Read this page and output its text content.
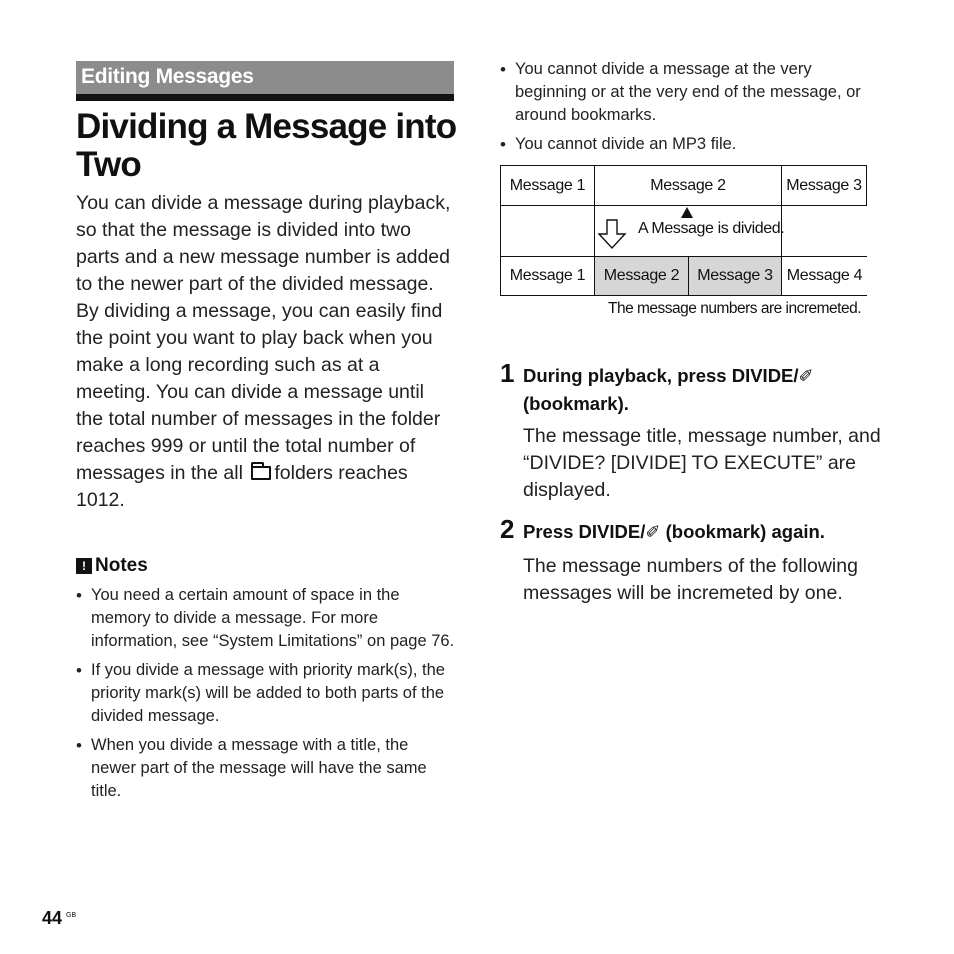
Editing Messages
Dividing a Message into Two
You can divide a message during playback, so that the message is divided into two parts and a new message number is added to the newer part of the divided message. By dividing a message, you can easily find the point you want to play back when you make a long recording such as at a meeting. You can divide a message until the total number of messages in the folder reaches 999 or until the total number of messages in the all folders reaches 1012.
! Notes
• You need a certain amount of space in the memory to divide a message. For more information, see “System Limitations” on page 76.
• If you divide a message with priority mark(s), the priority mark(s) will be added to both parts of the divided message.
• When you divide a message with a title, the newer part of the message will have the same title.
• You cannot divide a message at the very beginning or at the very end of the message, or around bookmarks.
• You cannot divide an MP3 file.
Message 1	Message 2	Message 3
A Message is divided.
Message 1	Message 2	Message 3 Message 4
The message numbers are incremeted.
1 During playback, press DIVIDE/✐
(bookmark).
The message title, message number, and “DIVIDE? [DIVIDE] TO EXECUTE” are displayed.
2 Press DIVIDE/✐ (bookmark) again.
The message numbers of the following messages will be incremeted by one.
44 GB
